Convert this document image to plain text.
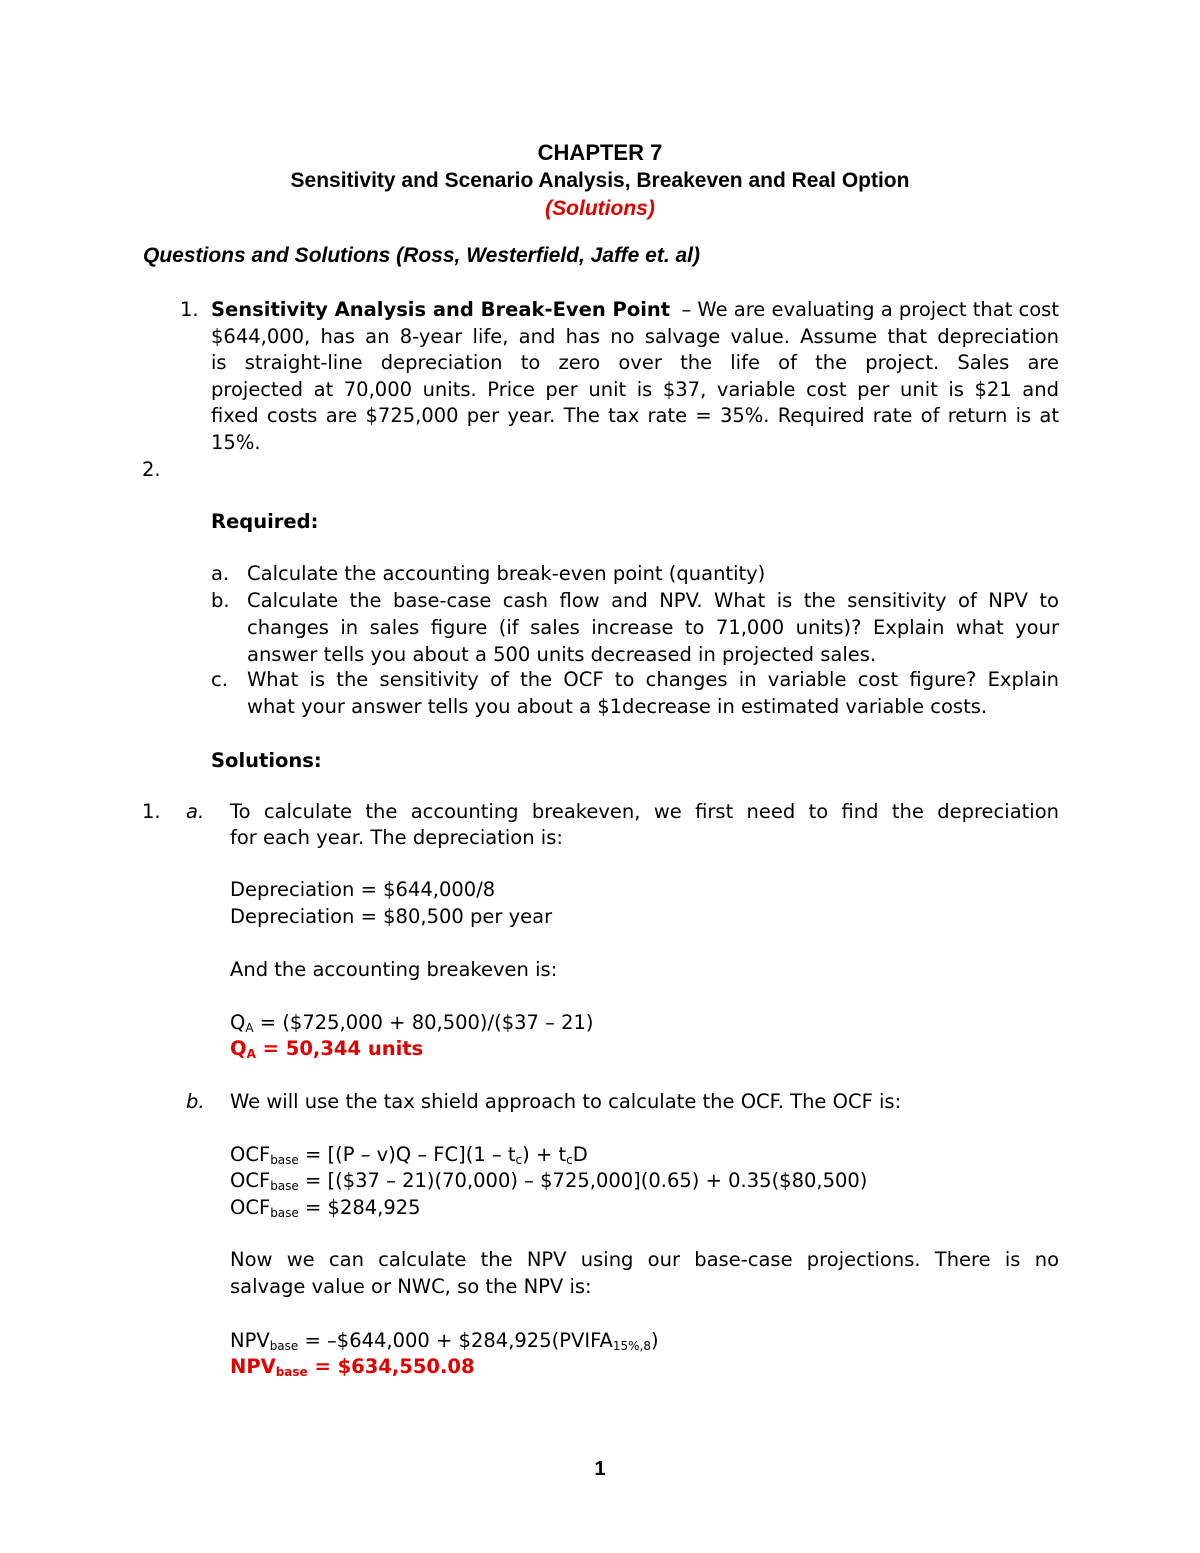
CHAPTER 7
Sensitivity and Scenario Analysis, Breakeven and Real Option
(Solutions)
Questions and Solutions (Ross, Westerfield, Jaffe et. al)
1. Sensitivity Analysis and Break-Even Point – We are evaluating a project that cost
$644,000, has an 8-year life, and has no salvage value. Assume that depreciation
is straight-line depreciation to zero over the life of the project. Sales are
projected at 70,000 units. Price per unit is $37, variable cost per unit is $21 and
fixed costs are $725,000 per year. The tax rate = 35%. Required rate of return is at
15%.
2.
Required:
a. Calculate the accounting break-even point (quantity)
b. Calculate the base-case cash flow and NPV. What is the sensitivity of NPV to
changes in sales figure (if sales increase to 71,000 units)? Explain what your
answer tells you about a 500 units decreased in projected sales.
c. What is the sensitivity of the OCF to changes in variable cost figure? Explain
what your answer tells you about a $1decrease in estimated variable costs.
Solutions:
1. a. To calculate the accounting breakeven, we first need to find the depreciation
for each year. The depreciation is:
Depreciation = $644,000/8
Depreciation = $80,500 per year
And the accounting breakeven is:
$Q_A$ = ($725,000 + 80,500)/($37 – 21)
$Q_A = 50,344$ units
b. We will use the tax shield approach to calculate the OCF. The OCF is:
$OCF_{base} = [(P - v)Q - FC](1 - t_c) + t_cD$
$OCF_{base}$ = [($37 – 21)(70,000) – $725,000](0.65) + 0.35($80,500)
$OCF_{base}$ = $284,925
Now we can calculate the NPV using our base-case projections. There is no
salvage value or NWC, so the NPV is:
$NPV_{base}$ = –$644,000 + $\$284,925(PVIFA_{15\%,8})$
$NPV_{base}$ = $634,550.08
1
